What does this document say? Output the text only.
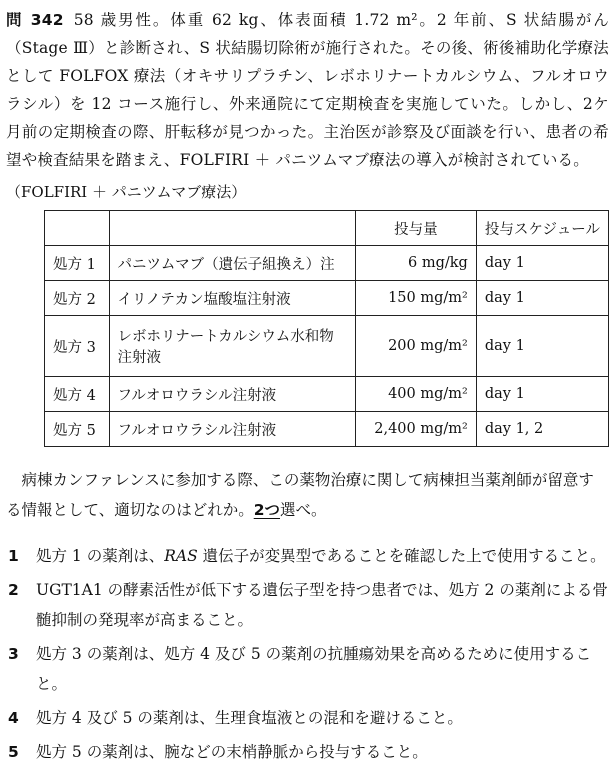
問 342 58 歳男性。体重 62 kg、体表面積 1.72 m²。2 年前、S 状結腸がん（Stage Ⅲ）と診断され、S 状結腸切除術が施行された。その後、術後補助化学療法として FOLFOX 療法（オキサリプラチン、レボホリナートカルシウム、フルオロウラシル）を 12 コース施行し、外来通院にて定期検査を実施していた。しかし、2ケ月前の定期検査の際、肝転移が見つかった。主治医が診察及び面談を行い、患者の希望や検査結果を踏まえ、FOLFIRI ＋ パニツムマブ療法の導入が検討されている。
（FOLFIRI ＋ パニツムマブ療法）
		投与量	投与スケジュール
処方 1	パニツムマブ（遺伝子組換え）注	6 mg/kg	day 1
処方 2	イリノテカン塩酸塩注射液	150 mg/m²	day 1
処方 3	レボホリナートカルシウム水和物注射液	200 mg/m²	day 1
処方 4	フルオロウラシル注射液	400 mg/m²	day 1
処方 5	フルオロウラシル注射液	2,400 mg/m²	day 1, 2
病棟カンファレンスに参加する際、この薬物治療に関して病棟担当薬剤師が留意する情報として、適切なのはどれか。2つ選べ。
1 処方 1 の薬剤は、RAS 遺伝子が変異型であることを確認した上で使用すること。
2 UGT1A1 の酵素活性が低下する遺伝子型を持つ患者では、処方 2 の薬剤による骨髄抑制の発現率が高まること。
3 処方 3 の薬剤は、処方 4 及び 5 の薬剤の抗腫瘍効果を高めるために使用すること。
4 処方 4 及び 5 の薬剤は、生理食塩液との混和を避けること。
5 処方 5 の薬剤は、腕などの末梢静脈から投与すること。
